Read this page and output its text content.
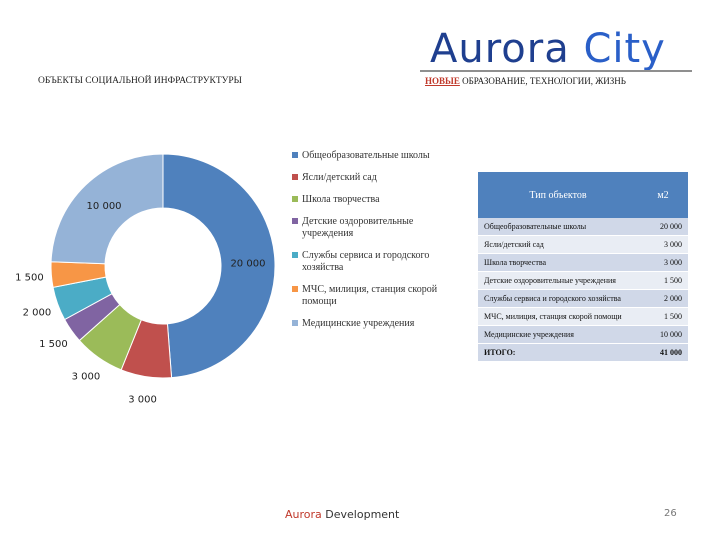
Aurora City
НОВЫЕ ОБРАЗОВАНИЕ, ТЕХНОЛОГИИ, ЖИЗНЬ
ОБЪЕКТЫ СОЦИАЛЬНОЙ ИНФРАСТРУКТУРЫ
20 000
3 000
3 000
1 500
2 000
1 500
10 000
Общеобразовательные школы
Ясли/детский сад
Школа творчества
Детские оздоровительные учреждения
Службы сервиса и городского хозяйства
МЧС, милиция, станция скорой помощи
Медицинские учреждения
Тип объектов	м2
Общеобразовательные школы	20 000
Ясли/детский сад	3 000
Школа творчества	3 000
Детские оздоровительные учреждения	1 500
Службы сервиса и городского хозяйства	2 000
МЧС, милиция, станция скорой помощи	1 500
Медицинские учреждения	10 000
ИТОГО:	41 000
Aurora Development	26
